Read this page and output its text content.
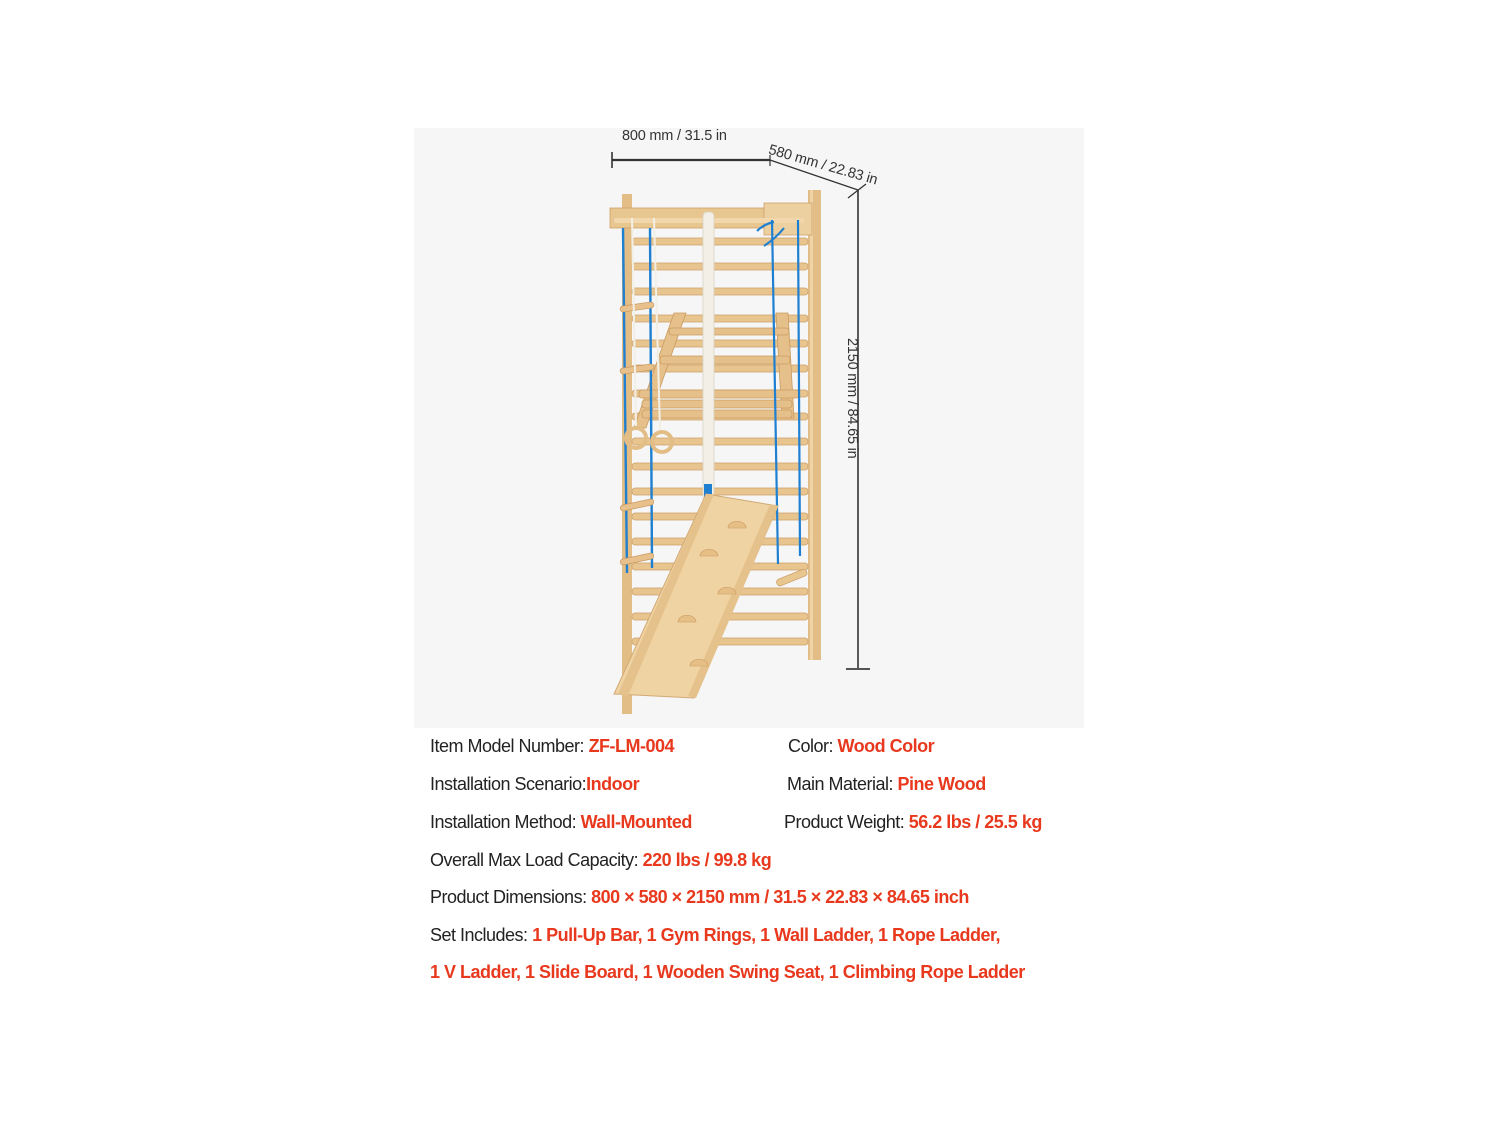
800 mm / 31.5 in
580 mm / 22.83 in
2150 mm / 84.65 in
Item Model Number: ZF-LM-004	Color: Wood Color
Installation Scenario:Indoor	Main Material: Pine Wood
Installation Method: Wall-Mounted	Product Weight: 56.2 lbs / 25.5 kg
Overall Max Load Capacity: 220 lbs / 99.8 kg
Product Dimensions: 800 × 580 × 2150 mm / 31.5 × 22.83 × 84.65 inch
Set Includes: 1 Pull-Up Bar, 1 Gym Rings, 1 Wall Ladder, 1 Rope Ladder,
1 V Ladder, 1 Slide Board, 1 Wooden Swing Seat, 1 Climbing Rope Ladder
